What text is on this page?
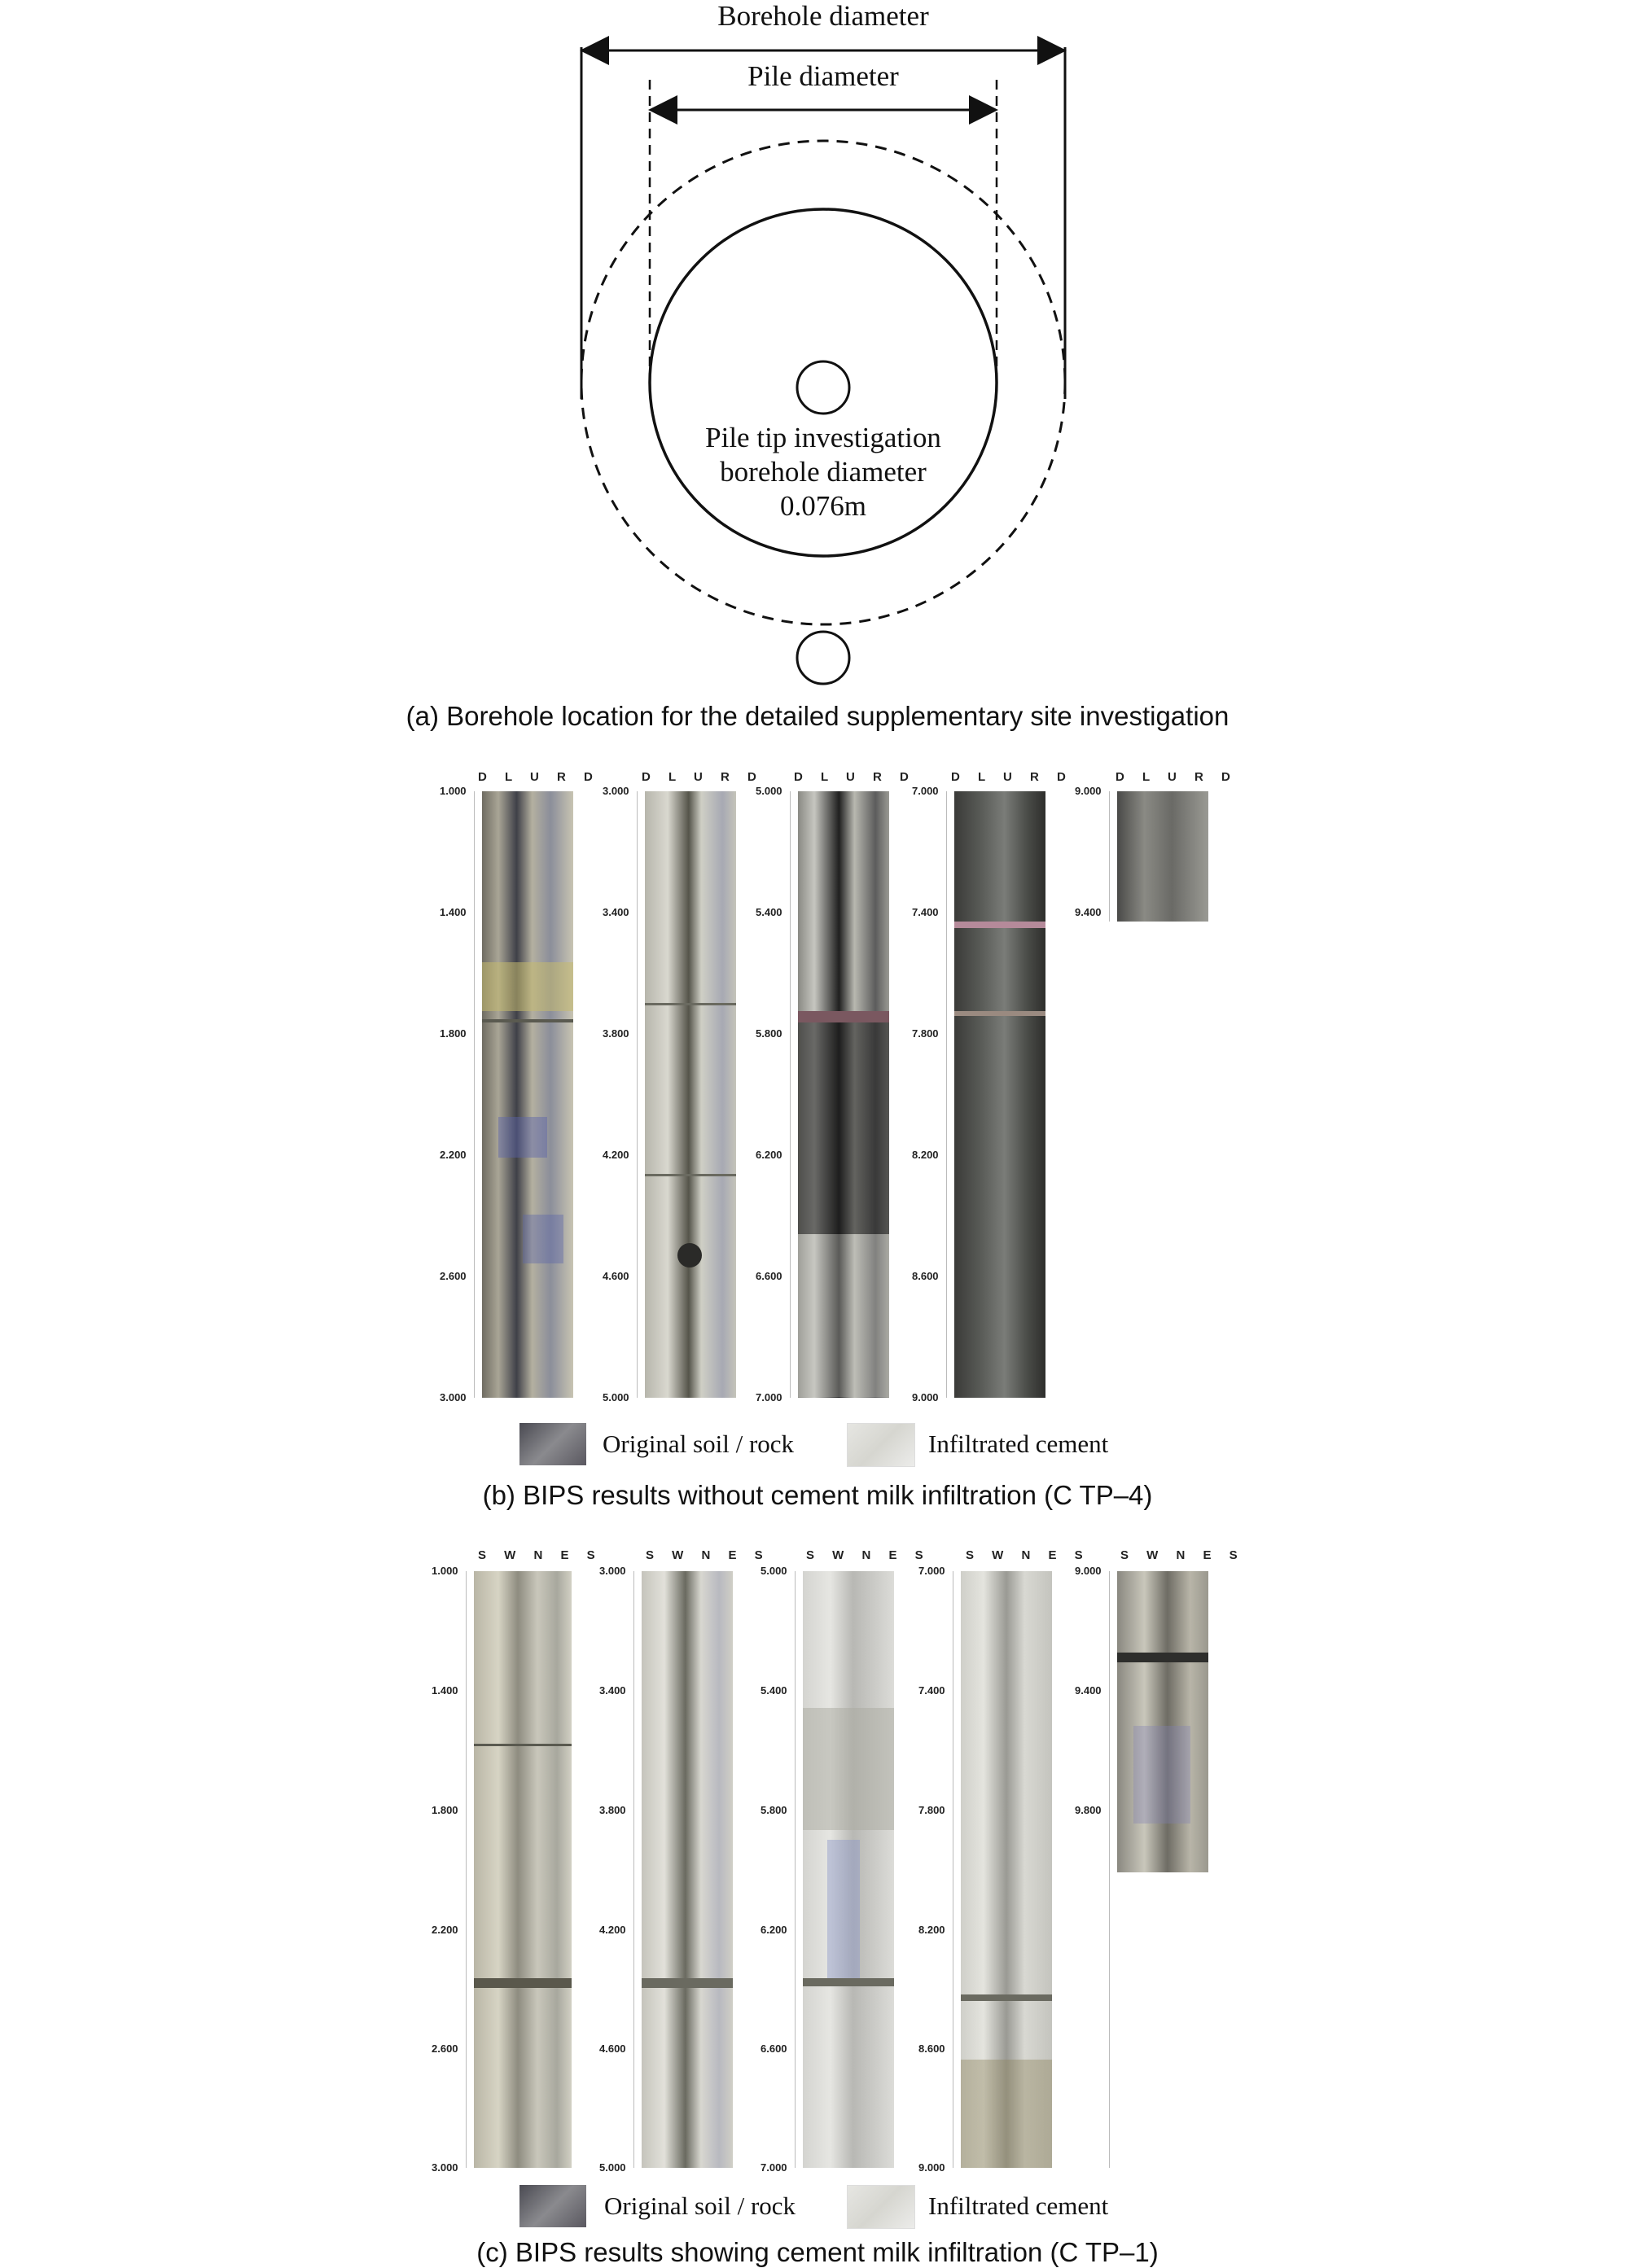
Borehole diameter
Pile diameter
Pile tip investigation
borehole diameter
0.076m
(a) Borehole location for the detailed supplementary site investigation
D L U R D	D L U R D D L U R D	D L U R D	D L U R D
1.000
1.400
1.800
2.200
2.600
3.000
3.000
3.400
3.800
4.200
4.600
5.000
5.000
5.400
5.800
6.200
6.600
7.000
7.000
7.400
7.800
8.200
8.600
9.000
9.000
9.400
Original soil / rock	Infiltrated cement
(b) BIPS results without cement milk infiltration (C TP–4)
S W N E S	S W N E S	S W N E S	S W N E S S W N E S
1.000
1.400
1.800
2.200
2.600
3.000
3.000
3.400
3.800
4.200
4.600
5.000
5.000
5.400
5.800
6.200
6.600
7.000
7.000
7.400
7.800
8.200
8.600
9.000
9.000
9.400
9.800
Original soil / rock	Infiltrated cement
(c) BIPS results showing cement milk infiltration (C TP–1)
